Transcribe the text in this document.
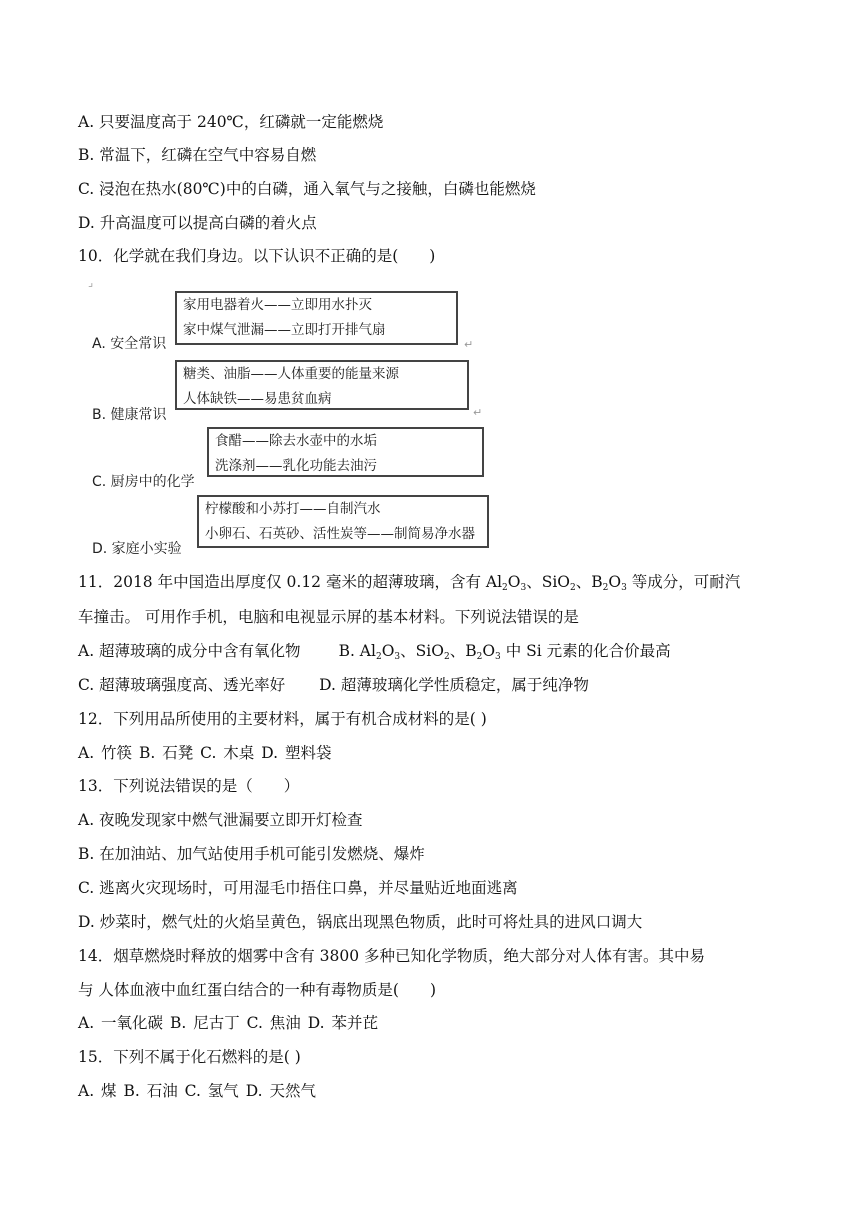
A. 只要温度高于 240℃，红磷就一定能燃烧
B. 常温下，红磷在空气中容易自燃
C. 浸泡在热水(80℃)中的白磷，通入氧气与之接触，白磷也能燃烧
D. 升高温度可以提高白磷的着火点
10．化学就在我们身边。以下认识不正确的是(　　)
⌟
家用电器着火——立即用水扑灭
家中煤气泄漏——立即打开排气扇
A. 安全常识	↵
糖类、油脂——人体重要的能量来源
人体缺铁——易患贫血病
B. 健康常识	↵
食醋——除去水壶中的水垢
洗涤剂——乳化功能去油污
C. 厨房中的化学
柠檬酸和小苏打——自制汽水
小卵石、石英砂、活性炭等——制简易净水器
D. 家庭小实验
11．2018 年中国造出厚度仅 0.12 毫米的超薄玻璃，含有 $Al_2O_3$、SiO$_2$、$B_2O_3$ 等成分，可耐汽
车撞击。 可用作手机，电脑和电视显示屏的基本材料。下列说法错误的是
A. 超薄玻璃的成分中含有氧化物 B. $Al_2O_3$、SiO$_2$、$B_2O_3$ 中 Si 元素的化合价最高
C. 超薄玻璃强度高、透光率好 D. 超薄玻璃化学性质稳定，属于纯净物
12．下列用品所使用的主要材料，属于有机合成材料的是( )
A. 竹筷 B. 石凳 C. 木桌 D. 塑料袋
13．下列说法错误的是（　　）
A. 夜晚发现家中燃气泄漏要立即开灯检查
B. 在加油站、加气站使用手机可能引发燃烧、爆炸
C. 逃离火灾现场时，可用湿毛巾捂住口鼻，并尽量贴近地面逃离
D. 炒菜时，燃气灶的火焰呈黄色，锅底出现黑色物质，此时可将灶具的进风口调大
14．烟草燃烧时释放的烟雾中含有 3800 多种已知化学物质，绝大部分对人体有害。其中易
与 人体血液中血红蛋白结合的一种有毒物质是(　　)
A. 一氧化碳 B. 尼古丁 C. 焦油 D. 苯并芘
15．下列不属于化石燃料的是( )
A. 煤 B. 石油 C. 氢气 D. 天然气
